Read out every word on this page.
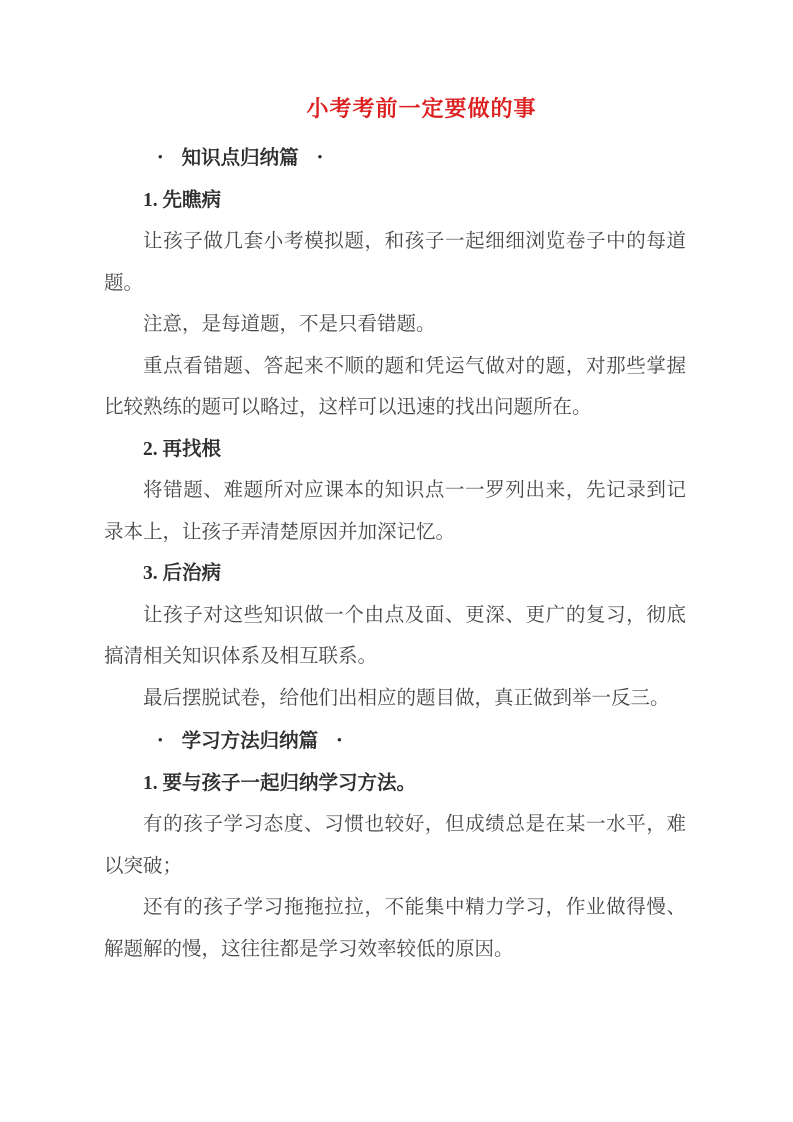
小考考前一定要做的事

• 知识点归纳篇 •

1. 先瞧病

让孩子做几套小考模拟题，和孩子一起细细浏览卷子中的每道题。

注意，是每道题，不是只看错题。

重点看错题、答起来不顺的题和凭运气做对的题，对那些掌握比较熟练的题可以略过，这样可以迅速的找出问题所在。

2. 再找根

将错题、难题所对应课本的知识点一一罗列出来，先记录到记录本上，让孩子弄清楚原因并加深记忆。

3. 后治病

让孩子对这些知识做一个由点及面、更深、更广的复习，彻底搞清相关知识体系及相互联系。

最后摆脱试卷，给他们出相应的题目做，真正做到举一反三。

• 学习方法归纳篇 •

1. 要与孩子一起归纳学习方法。

有的孩子学习态度、习惯也较好，但成绩总是在某一水平，难以突破；

还有的孩子学习拖拖拉拉，不能集中精力学习，作业做得慢、解题解的慢，这往往都是学习效率较低的原因。
